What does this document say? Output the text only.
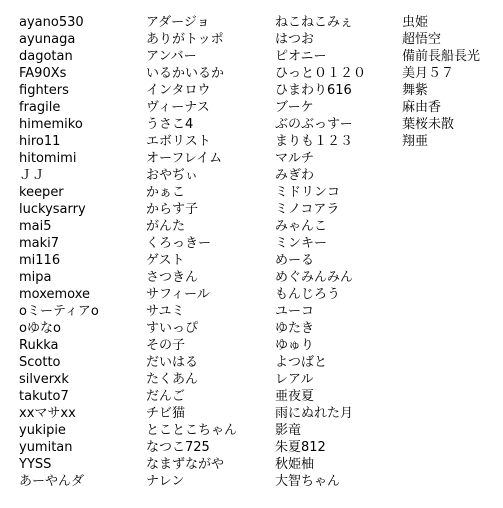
ayano530
ayunaga
dagotan
FA90Xs
fighters
fragile
himemiko
hiro11
hitomimi
ＪＪ
keeper
luckysarry
mai5
maki7
mi116
mipa
moxemoxe
oミーティアo
oゆなo
Rukka
Scotto
silverxk
takuto7
xxマサxx
yukipie
yumitan
YYSS
あーやんダ
アダージョ
ありがトッポ
アンバー
いるかいるか
インタロウ
ヴィーナス
うさこ4
エボリスト
オーフレイム
おやぢぃ
かぁこ
からす子
がんた
くろっきー
ゲスト
さつきん
サフィール
サユミ
すいっぴ
その子
だいはる
たくあん
だんご
チビ猫
とことこちゃん
なつこ725
なまずながや
ナレン
ねこねこみぇ
はつお
ピオニー
ひっと０１２０
ひまわり616
ブーケ
ぶのぶっすー
まりも１２３
マルチ
みぎわ
ミドリンコ
ミノコアラ
みゃんこ
ミンキー
めーる
めぐみんみん
もんじろう
ユーコ
ゆたき
ゆゅり
よつばと
レアル
亜夜夏
雨にぬれた月
影竜
朱夏812
秋姫柚
大智ちゃん
虫姫
超悟空
備前長船長光
美月５７
舞紫
麻由香
葉桜未散
翔亜
